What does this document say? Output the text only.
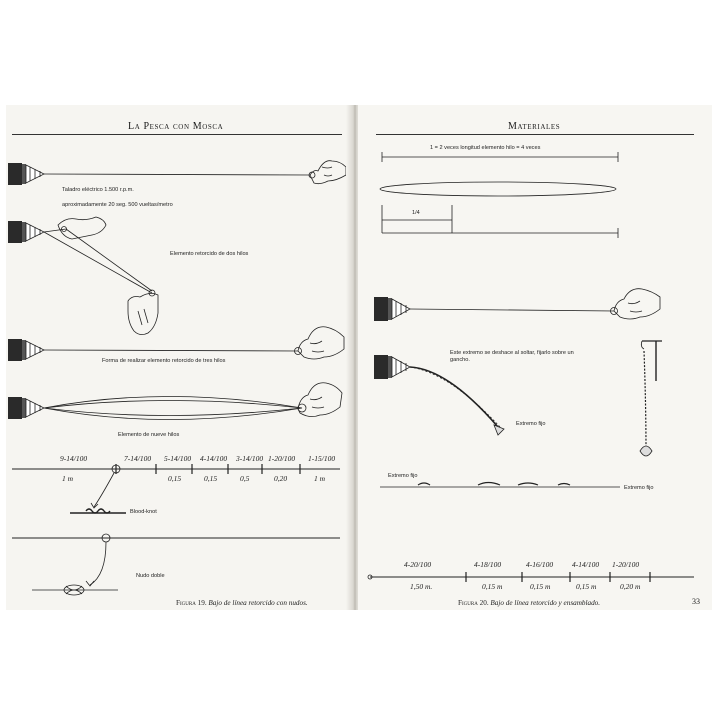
La Pesca con Mosca
Taladro eléctrico 1.500 r.p.m.
aproximadamente 20 seg. 500 vueltas/metro
Elemento retorcido de dos hilos
Forma de realizar elemento retorcido de tres hilos
Elemento de nueve hilos
9-14/100	7-14/100 5-14/100 4-14/100 3-14/100 1-20/100 1-15/100
1 m	0,15	0,15	0,5	0,20	1 m
Blood-knot
Nudo doble
Figura 19. Bajo de línea retorcido con nudos.
Materiales
1 = 2 veces longitud elemento hilo = 4 veces
1/4
Este extremo se deshace al soltar, fijarlo sobre un gancho.
Extremo fijo
Extremo fijo
Extremo fijo
4-20/100	4-18/100	4-16/100	4-14/100 1-20/100
1,50 m.	0,15 m	0,15 m	0,15 m	0,20 m
Figura 20. Bajo de línea retorcido y ensamblado.	33
